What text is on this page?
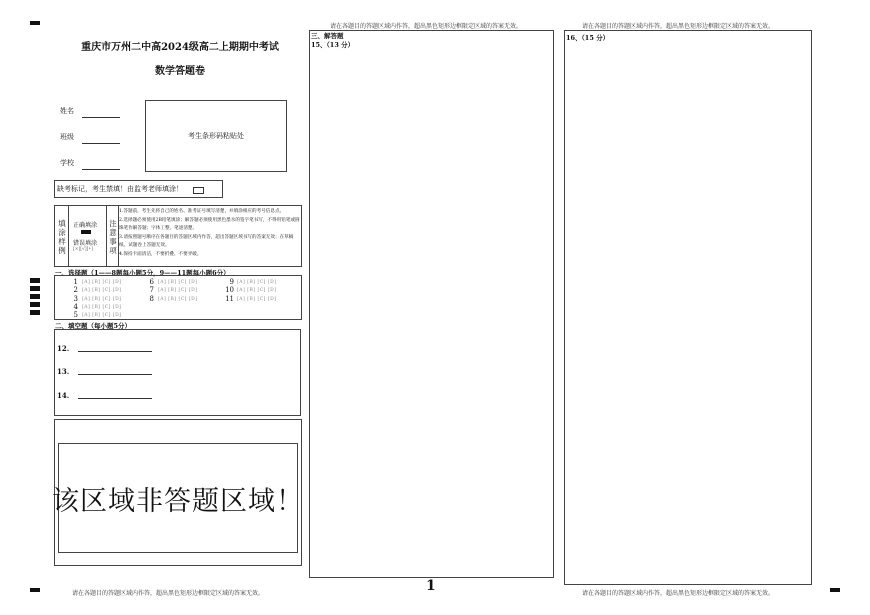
请在各题目的答题区域内作答，超出黑色矩形边框限定区域的答案无效。	请在各题目的答题区域内作答，超出黑色矩形边框限定区域的答案无效。
重庆市万州二中高2024级高二上期期中考试
数学答题卷
姓名
班级
学校
考生条形码粘贴处
缺考标记，考生禁填！由监考老师填涂！
填涂样例
正确填涂
错误填涂
[×][√][•]
注意事项
1.答题前，考生先将自己的姓名、准考证号填写清楚，并填涂相应的考号信息点。
2.选择题必须使用2B铅笔填涂；解答题必须使用黑色墨水的签字笔书写，不得用铅笔或圆珠笔作解答题；字体工整，笔迹清楚。
3.请按照题号顺序在各题目的答题区域内作答，超出答题区域书写的答案无效；在草稿纸、试题卷上答题无效。
4.保持卡面清洁，不要折叠、不要弄破。
一、选择题（1——8题每小题5分，9——11题每小题6分）
1 [A] [B] [C] [D]
2 [A] [B] [C] [D]
3 [A] [B] [C] [D]
4 [A] [B] [C] [D]
5 [A] [B] [C] [D]
6 [A] [B] [C] [D]
7 [A] [B] [C] [D]
8 [A] [B] [C] [D]
9 [A] [B] [C] [D]
10 [A] [B] [C] [D]
11 [A] [B] [C] [D]
二、填空题（每小题5分）
12.
13.
14.
该区域非答题区域！
请在各题目的答题区域内作答，超出黑色矩形边框限定区域的答案无效。
三、解答题
15、（13 分）
1
16、（15 分）
请在各题目的答题区域内作答，超出黑色矩形边框限定区域的答案无效。
